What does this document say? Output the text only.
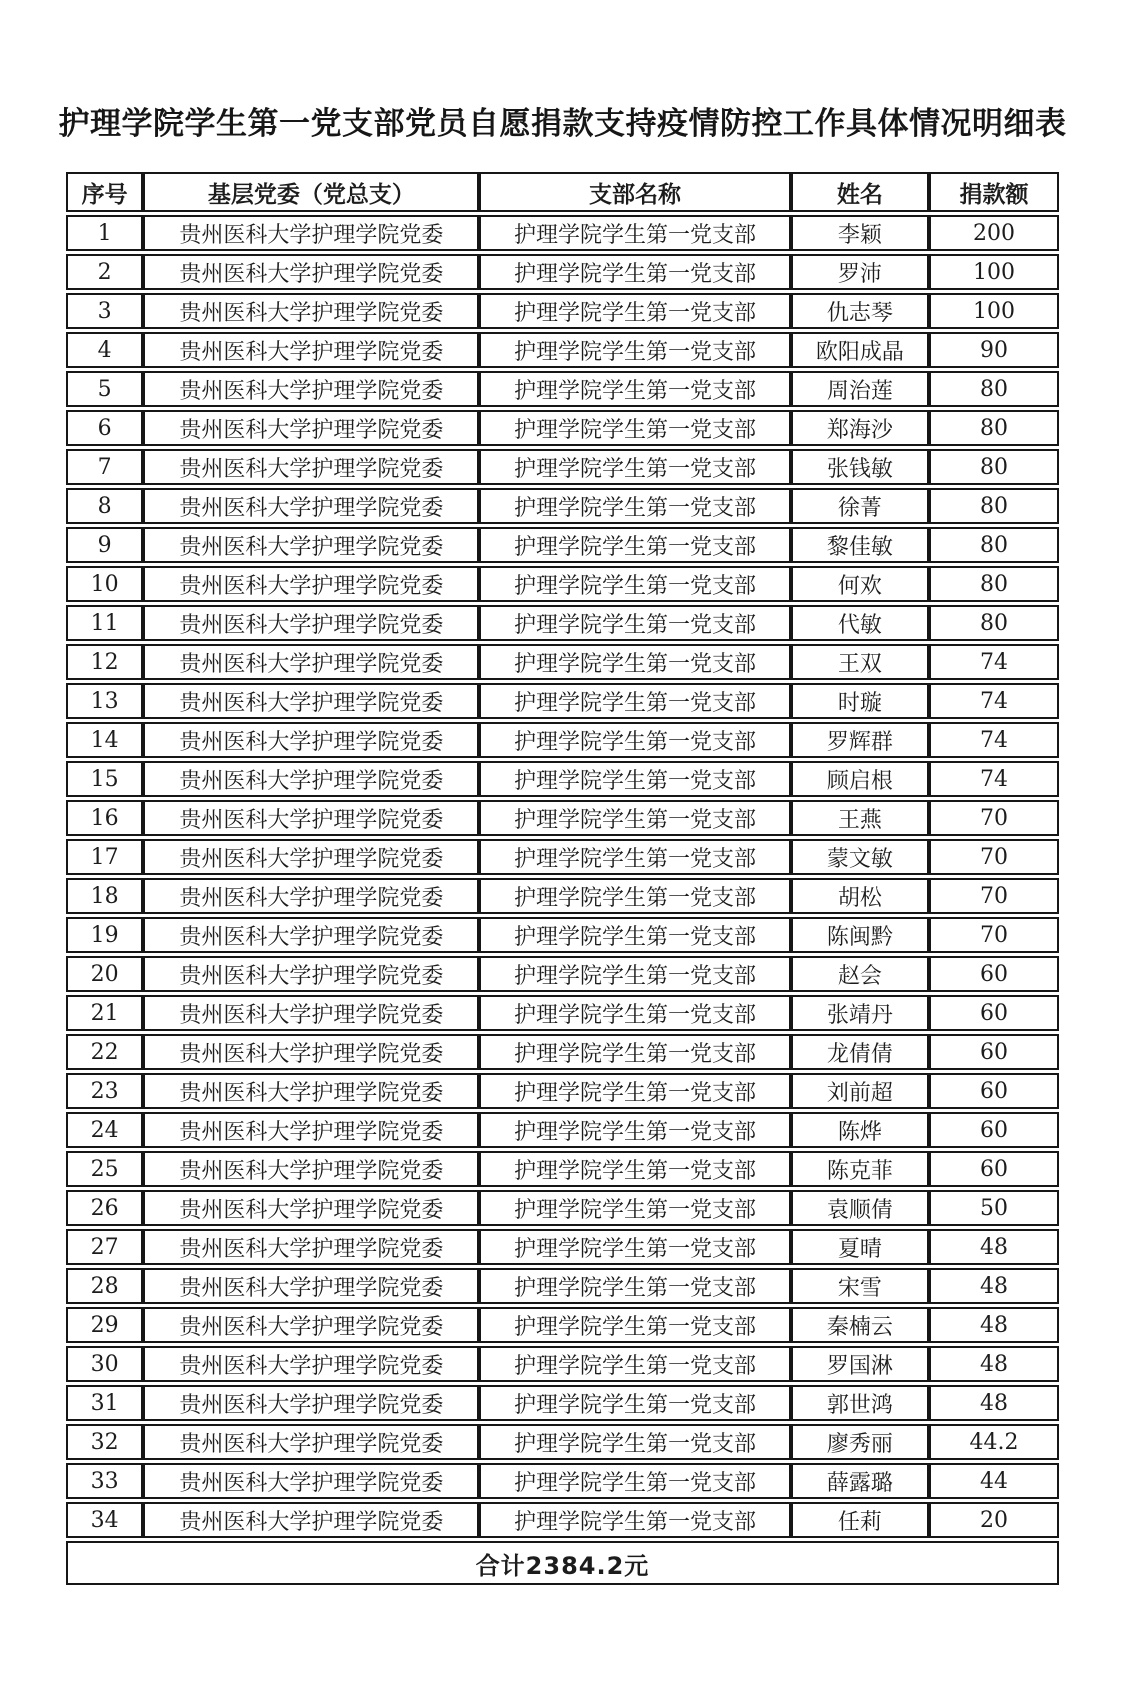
护理学院学生第一党支部党员自愿捐款支持疫情防控工作具体情况明细表
序号	基层党委（党总支）	支部名称	姓名	捐款额
1	贵州医科大学护理学院党委	护理学院学生第一党支部	李颖	200
2	贵州医科大学护理学院党委	护理学院学生第一党支部	罗沛	100
3	贵州医科大学护理学院党委	护理学院学生第一党支部	仇志琴	100
4	贵州医科大学护理学院党委	护理学院学生第一党支部	欧阳成晶	90
5	贵州医科大学护理学院党委	护理学院学生第一党支部	周治莲	80
6	贵州医科大学护理学院党委	护理学院学生第一党支部	郑海沙	80
7	贵州医科大学护理学院党委	护理学院学生第一党支部	张钱敏	80
8	贵州医科大学护理学院党委	护理学院学生第一党支部	徐菁	80
9	贵州医科大学护理学院党委	护理学院学生第一党支部	黎佳敏	80
10	贵州医科大学护理学院党委	护理学院学生第一党支部	何欢	80
11	贵州医科大学护理学院党委	护理学院学生第一党支部	代敏	80
12	贵州医科大学护理学院党委	护理学院学生第一党支部	王双	74
13	贵州医科大学护理学院党委	护理学院学生第一党支部	时璇	74
14	贵州医科大学护理学院党委	护理学院学生第一党支部	罗辉群	74
15	贵州医科大学护理学院党委	护理学院学生第一党支部	顾启根	74
16	贵州医科大学护理学院党委	护理学院学生第一党支部	王燕	70
17	贵州医科大学护理学院党委	护理学院学生第一党支部	蒙文敏	70
18	贵州医科大学护理学院党委	护理学院学生第一党支部	胡松	70
19	贵州医科大学护理学院党委	护理学院学生第一党支部	陈闽黔	70
20	贵州医科大学护理学院党委	护理学院学生第一党支部	赵会	60
21	贵州医科大学护理学院党委	护理学院学生第一党支部	张靖丹	60
22	贵州医科大学护理学院党委	护理学院学生第一党支部	龙倩倩	60
23	贵州医科大学护理学院党委	护理学院学生第一党支部	刘前超	60
24	贵州医科大学护理学院党委	护理学院学生第一党支部	陈烨	60
25	贵州医科大学护理学院党委	护理学院学生第一党支部	陈克菲	60
26	贵州医科大学护理学院党委	护理学院学生第一党支部	袁顺倩	50
27	贵州医科大学护理学院党委	护理学院学生第一党支部	夏晴	48
28	贵州医科大学护理学院党委	护理学院学生第一党支部	宋雪	48
29	贵州医科大学护理学院党委	护理学院学生第一党支部	秦楠云	48
30	贵州医科大学护理学院党委	护理学院学生第一党支部	罗国淋	48
31	贵州医科大学护理学院党委	护理学院学生第一党支部	郭世鸿	48
32	贵州医科大学护理学院党委	护理学院学生第一党支部	廖秀丽	44.2
33	贵州医科大学护理学院党委	护理学院学生第一党支部	薛露璐	44
34	贵州医科大学护理学院党委	护理学院学生第一党支部	任莉	20
合计2384.2元				
